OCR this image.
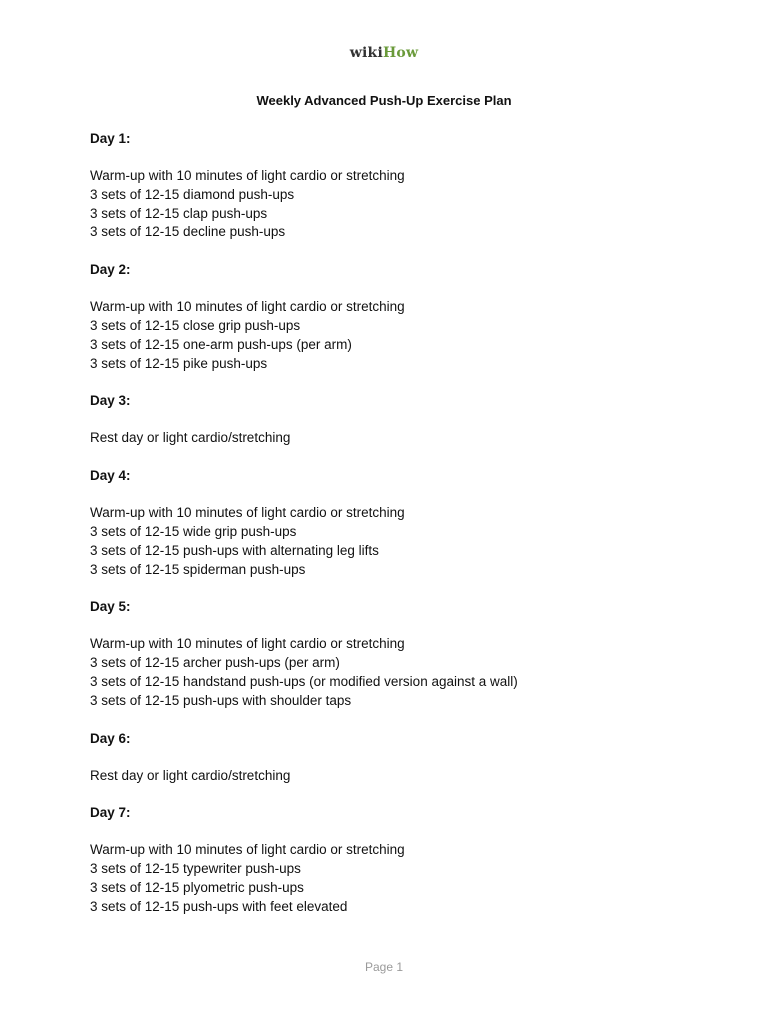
wikiHow
Weekly Advanced Push-Up Exercise Plan
Day 1:
Warm-up with 10 minutes of light cardio or stretching
3 sets of 12-15 diamond push-ups
3 sets of 12-15 clap push-ups
3 sets of 12-15 decline push-ups
Day 2:
Warm-up with 10 minutes of light cardio or stretching
3 sets of 12-15 close grip push-ups
3 sets of 12-15 one-arm push-ups (per arm)
3 sets of 12-15 pike push-ups
Day 3:
Rest day or light cardio/stretching
Day 4:
Warm-up with 10 minutes of light cardio or stretching
3 sets of 12-15 wide grip push-ups
3 sets of 12-15 push-ups with alternating leg lifts
3 sets of 12-15 spiderman push-ups
Day 5:
Warm-up with 10 minutes of light cardio or stretching
3 sets of 12-15 archer push-ups (per arm)
3 sets of 12-15 handstand push-ups (or modified version against a wall)
3 sets of 12-15 push-ups with shoulder taps
Day 6:
Rest day or light cardio/stretching
Day 7:
Warm-up with 10 minutes of light cardio or stretching
3 sets of 12-15 typewriter push-ups
3 sets of 12-15 plyometric push-ups
3 sets of 12-15 push-ups with feet elevated
Page 1
